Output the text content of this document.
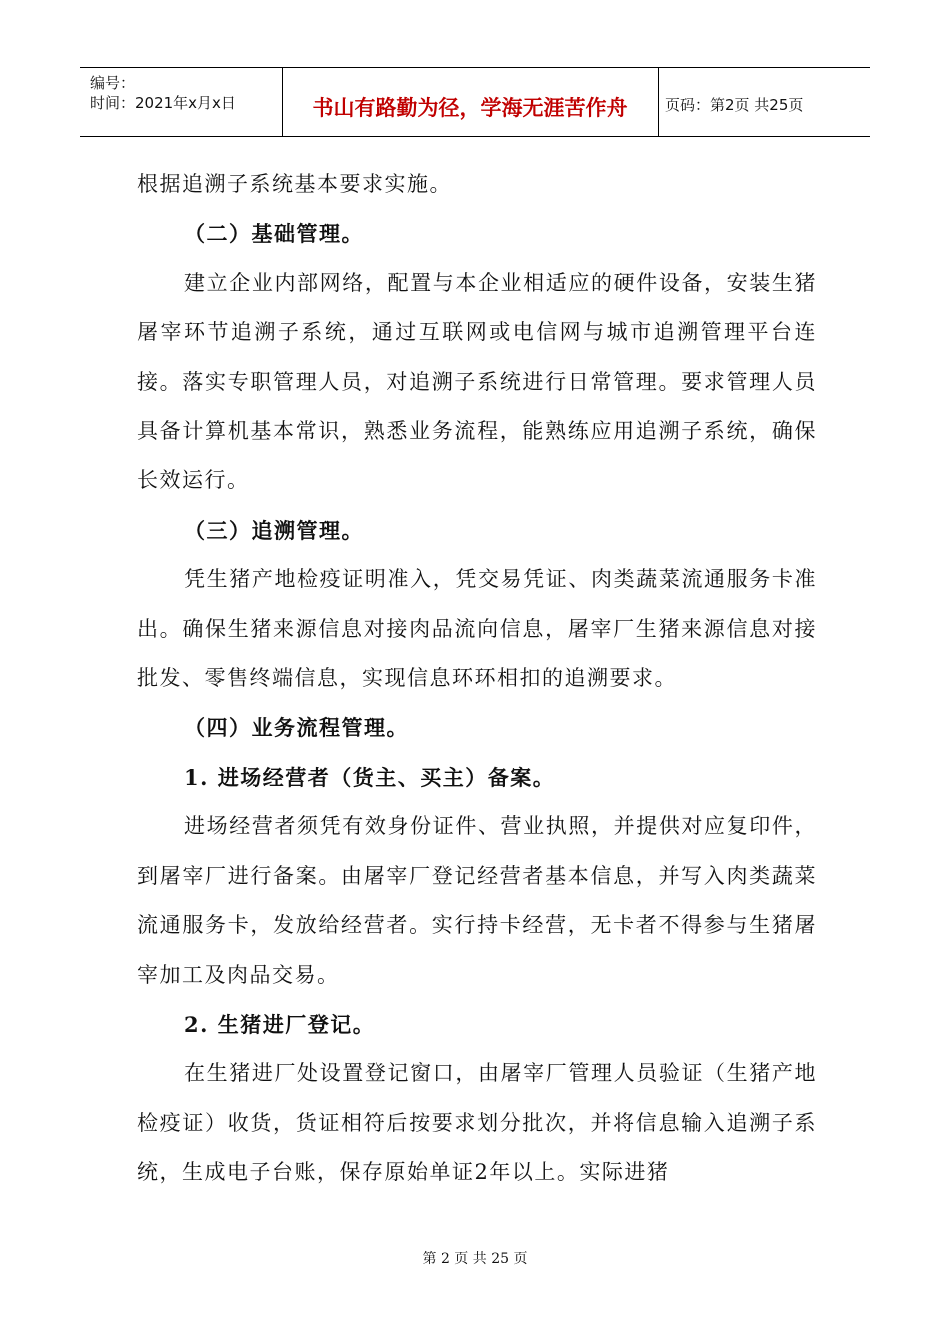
编号：
时间：2021年x月x日	书山有路勤为径，学海无涯苦作舟	页码：第2页 共25页

根据追溯子系统基本要求实施。

（二）基础管理。

建立企业内部网络，配置与本企业相适应的硬件设备，安装生猪屠宰环节追溯子系统，通过互联网或电信网与城市追溯管理平台连接。落实专职管理人员，对追溯子系统进行日常管理。要求管理人员具备计算机基本常识，熟悉业务流程，能熟练应用追溯子系统，确保长效运行。

（三）追溯管理。

凭生猪产地检疫证明准入，凭交易凭证、肉类蔬菜流通服务卡准出。确保生猪来源信息对接肉品流向信息，屠宰厂生猪来源信息对接批发、零售终端信息，实现信息环环相扣的追溯要求。

（四）业务流程管理。

1. 进场经营者（货主、买主）备案。

进场经营者须凭有效身份证件、营业执照，并提供对应复印件，到屠宰厂进行备案。由屠宰厂登记经营者基本信息，并写入肉类蔬菜流通服务卡，发放给经营者。实行持卡经营，无卡者不得参与生猪屠宰加工及肉品交易。

2. 生猪进厂登记。

在生猪进厂处设置登记窗口，由屠宰厂管理人员验证（生猪产地检疫证）收货，货证相符后按要求划分批次，并将信息输入追溯子系统，生成电子台账，保存原始单证2年以上。实际进猪

第 2 页 共 25 页
